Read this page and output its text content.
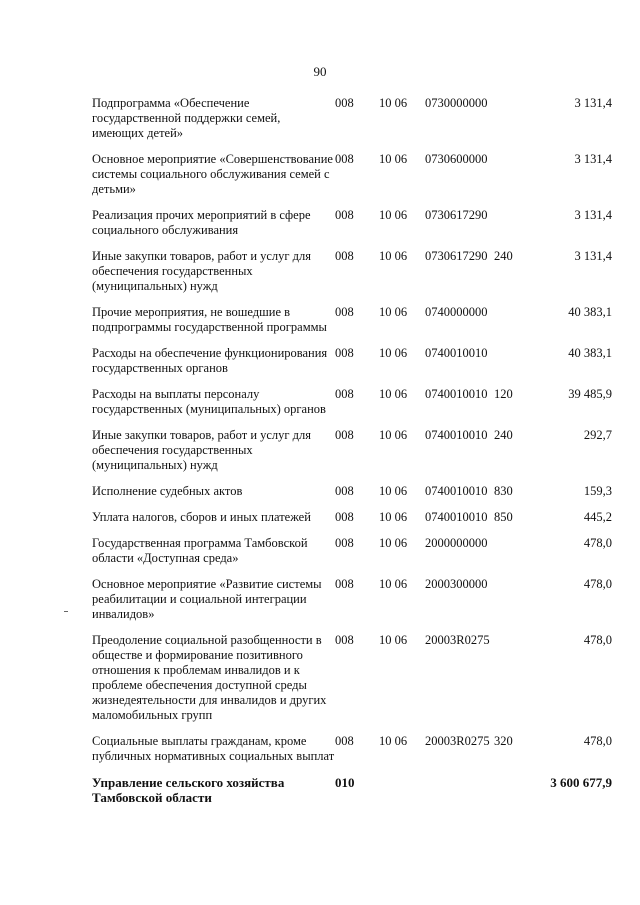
90
Подпрограмма «Обеспечение государственной поддержки семей, имеющих детей»	008	10 06	0730000000		3 131,4
Основное мероприятие «Совершенствование системы социального обслуживания семей с детьми»	008	10 06	0730600000		3 131,4
Реализация прочих мероприятий в сфере социального обслуживания	008	10 06	0730617290		3 131,4
Иные закупки товаров, работ и услуг для обеспечения государственных (муниципальных) нужд	008	10 06	0730617290	240	3 131,4
Прочие мероприятия, не вошедшие в подпрограммы государственной программы	008	10 06	0740000000		40 383,1
Расходы на обеспечение функционирования государственных органов	008	10 06	0740010010		40 383,1
Расходы на выплаты персоналу государственных (муниципальных) органов	008	10 06	0740010010	120	39 485,9
Иные закупки товаров, работ и услуг для обеспечения государственных (муниципальных) нужд	008	10 06	0740010010	240	292,7
Исполнение судебных актов	008	10 06	0740010010	830	159,3
Уплата налогов, сборов и иных платежей	008	10 06	0740010010	850	445,2
Государственная программа Тамбовской области «Доступная среда»	008	10 06	2000000000		478,0
Основное мероприятие «Развитие системы реабилитации и социальной интеграции инвалидов»	008	10 06	2000300000		478,0
Преодоление социальной разобщенности в обществе и формирование позитивного отношения к проблемам инвалидов и к проблеме обеспечения доступной среды жизнедеятельности для инвалидов и других маломобильных групп	008	10 06	20003R0275		478,0
Социальные выплаты гражданам, кроме публичных нормативных социальных выплат	008	10 06	20003R0275	320	478,0
Управление сельского хозяйства Тамбовской области	010				3 600 677,9
